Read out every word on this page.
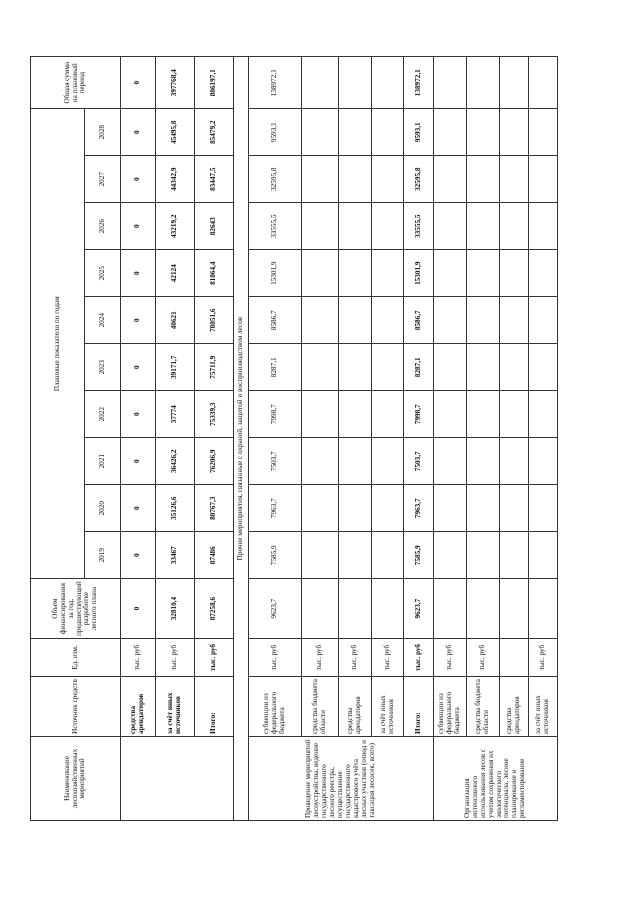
Наименование лесохозяйственных мероприятий	Источник средств	Ед. изм.	Объем финансирования за год, предшествующий разработке лесного плана	Плановые показатели по годам										Общая сумма на плановый период
				2019	2020	2021	2022	2023	2024	2025	2026	2027	2028	
	средства арендаторов	тыс. руб	0	0	0	0	0	0	0	0	0	0	0	0
	за счёт иных источников	тыс. руб	32810,4	33467	35126,6	36426,2	37774	39171,7	40621	42124	43219,2	44342,9	45495,8	397768,4
	Итого:	тыс. руб	87258,6	87486	80767,3	76206,9	75339,3	75711,9	78051,6	81064,4	82643	83447,5	85479,2	806197,1
Прочие мероприятия, связанные с охраной, защитой и воспроизводством лесов														
Проведение мероприятий лесоустройства, ведение государственного лесного реестра, осуществление государственного кадастрового учёта лесных участков (отвод и таксация лесосек, всего)	субвенции из федерального бюджета	тыс. руб	9623,7	7585,9	7963,7	7503,7	7998,7	8287,1	8586,7	15301,9	33555,5	32595,8	9593,1	138972,1
	средства бюджета области	тыс. руб												
	средства арендаторов	тыс. руб												
	за счёт иных источников	тыс. руб												
	Итого:	тыс. руб	9623,7	7585,9	7963,7	7503,7	7998,7	8287,1	8586,7	15301,9	33555,5	32595,8	9593,1	138972,1
Организация интенсивного использования лесов с учетом сохранения их экологического потенциала, лесное планирование и регламентирование	субвенции из федерального бюджета	тыс. руб												
	средства бюджета области	тыс. руб												
	средства арендаторов													
	за счёт иных источников	тыс. руб												
